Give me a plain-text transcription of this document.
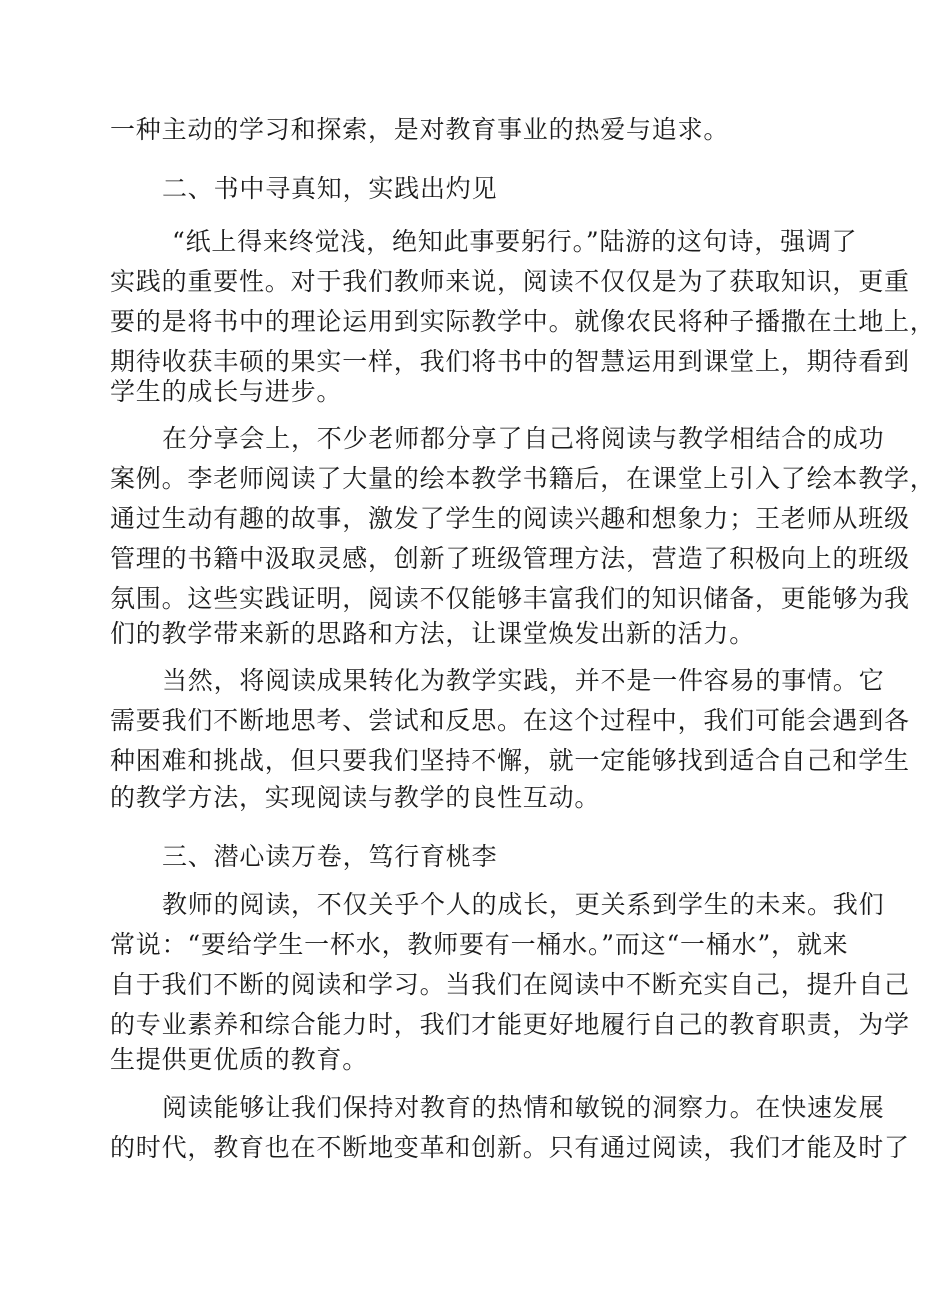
一种主动的学习和探索，是对教育事业的热爱与追求。
二、书中寻真知，实践出灼见
“纸上得来终觉浅，绝知此事要躬行。”陆游的这句诗，强调了
实践的重要性。对于我们教师来说，阅读不仅仅是为了获取知识，更重
要的是将书中的理论运用到实际教学中。就像农民将种子播撒在土地上，
期待收获丰硕的果实一样，我们将书中的智慧运用到课堂上，期待看到
学生的成长与进步。
在分享会上，不少老师都分享了自己将阅读与教学相结合的成功
案例。李老师阅读了大量的绘本教学书籍后，在课堂上引入了绘本教学，
通过生动有趣的故事，激发了学生的阅读兴趣和想象力；王老师从班级
管理的书籍中汲取灵感，创新了班级管理方法，营造了积极向上的班级
氛围。这些实践证明，阅读不仅能够丰富我们的知识储备，更能够为我
们的教学带来新的思路和方法，让课堂焕发出新的活力。
当然，将阅读成果转化为教学实践，并不是一件容易的事情。它
需要我们不断地思考、尝试和反思。在这个过程中，我们可能会遇到各
种困难和挑战，但只要我们坚持不懈，就一定能够找到适合自己和学生
的教学方法，实现阅读与教学的良性互动。
三、潜心读万卷，笃行育桃李
教师的阅读，不仅关乎个人的成长，更关系到学生的未来。我们
常说：“要给学生一杯水，教师要有一桶水。”而这“一桶水”，就来
自于我们不断的阅读和学习。当我们在阅读中不断充实自己，提升自己
的专业素养和综合能力时，我们才能更好地履行自己的教育职责，为学
生提供更优质的教育。
阅读能够让我们保持对教育的热情和敏锐的洞察力。在快速发展
的时代，教育也在不断地变革和创新。只有通过阅读，我们才能及时了
